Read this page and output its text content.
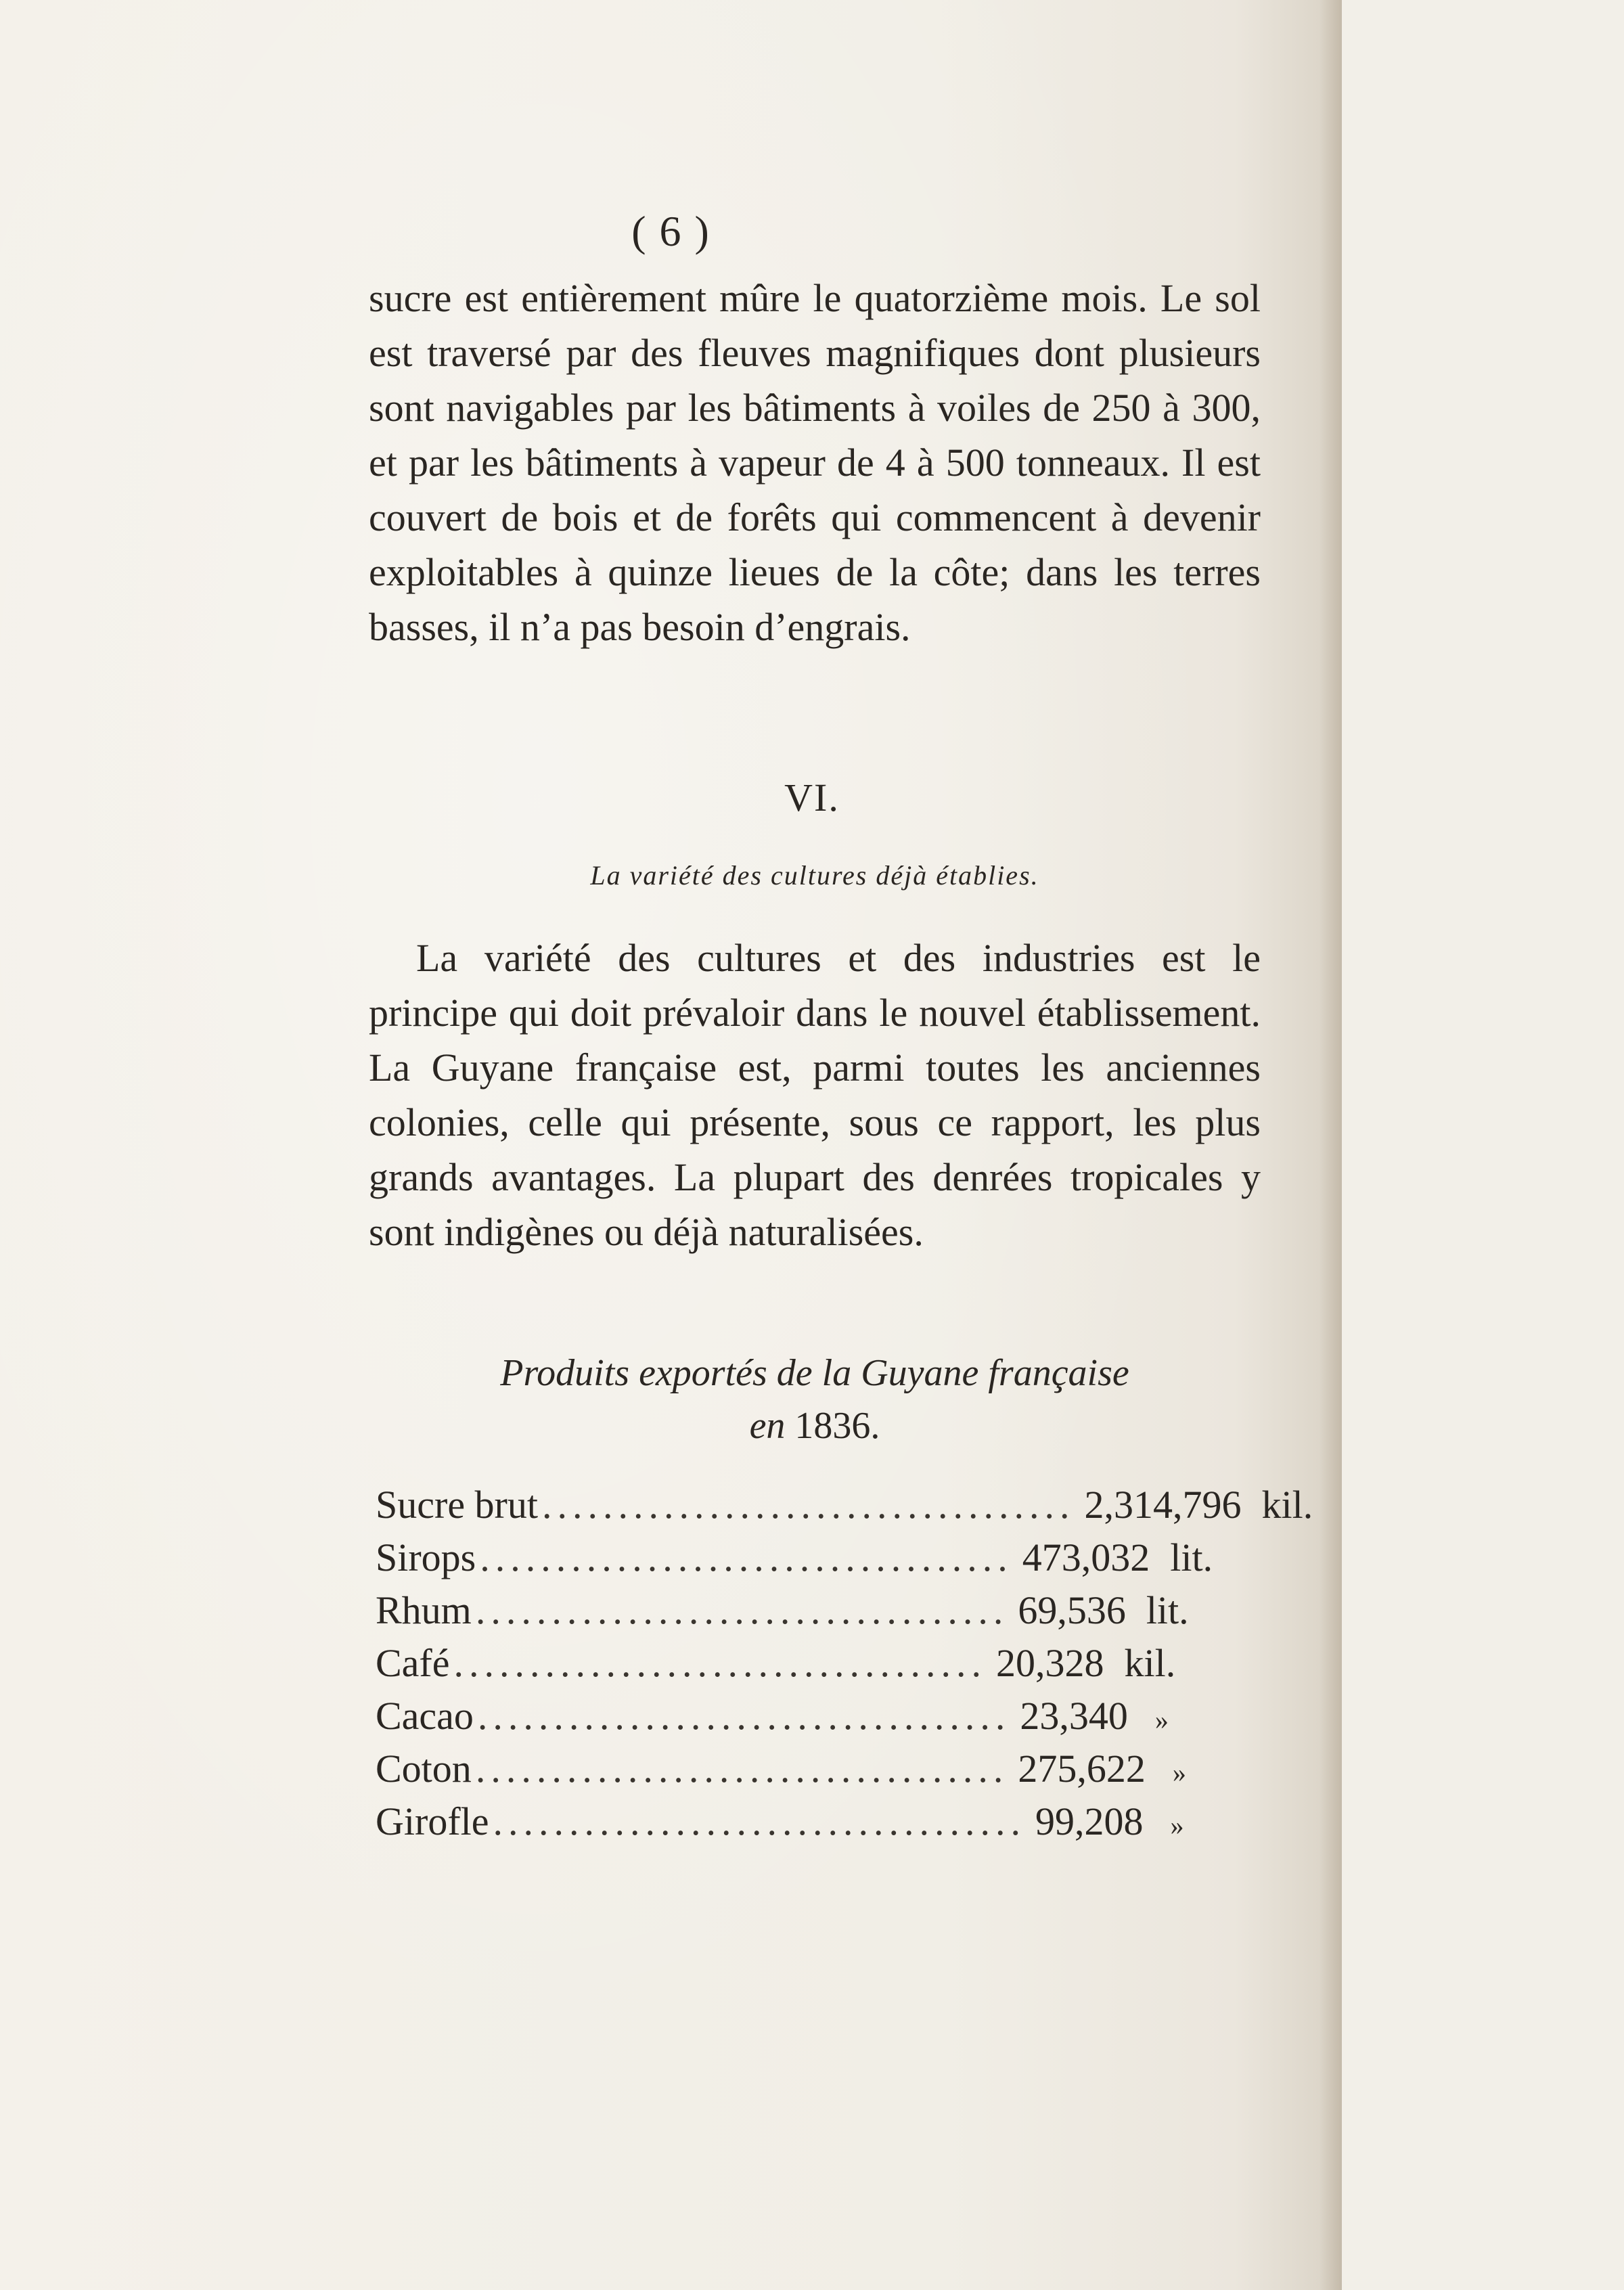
( 6 )

sucre est entièrement mûre le quatorzième mois. Le sol est traversé par des fleuves magnifiques dont plusieurs sont navigables par les bâtiments à voiles de 250 à 300, et par les bâtiments à vapeur de 4 à 500 tonneaux. Il est couvert de bois et de forêts qui commencent à devenir exploitables à quinze lieues de la côte; dans les terres basses, il n’a pas besoin d’engrais.

VI.
La variété des cultures déjà établies.

La variété des cultures et des industries est le principe qui doit prévaloir dans le nouvel établissement. La Guyane française est, parmi toutes les anciennes colonies, celle qui présente, sous ce rapport, les plus grands avantages. La plupart des denrées tropicales y sont indigènes ou déjà naturalisées.

Produits exportés de la Guyane française
en 1836.
Sucre brut ................................... 2,314,796 kil.
Sirops ................................... 473,032 lit.
Rhum ................................... 69,536 lit.
Café ................................... 20,328 kil.
Cacao ................................... 23,340	»
Coton ................................... 275,622	»
Girofle ................................... 99,208	»
